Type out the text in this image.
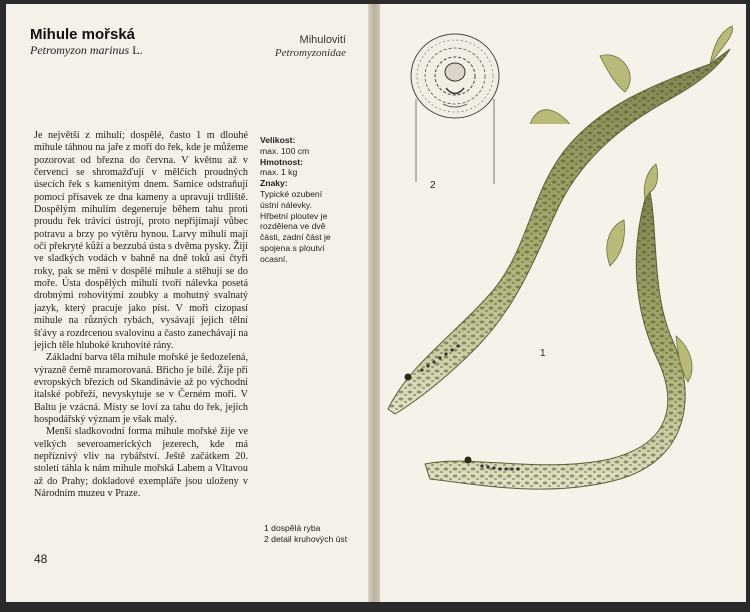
Mihule mořská
Petromyzon marinus L.
Mihulovití
Petromyzonidae

Je největší z mihulí; dospělé, často 1 m dlouhé mihule táhnou na jaře z moří do řek, kde je můžeme pozorovat od března do června. V květnu až v červenci se shromažďují v mělčích proudných úsecích řek s kamenitým dnem. Samice odstraňují pomocí přísavek ze dna kameny a upravují trdliště. Dospělým mihulím degeneruje během tahu proti proudu řek trávicí ústrojí, proto nepřijímají vůbec potravu a brzy po výtěru hynou. Larvy mihulí mají oči překryté kůží a bezzubá ústa s dvěma pysky. Žijí ve sladkých vodách v bahně na dně toků asi čtyři roky, pak se mění v dospělé mihule a stěhují se do moře. Ústa dospělých mihulí tvoří nálevka posetá drobnými rohovitými zoubky a mohutný svalnatý jazyk, který pracuje jako píst. V moři cizopasí mihule na různých rybách, vysávají jejich tělní šťávy a rozdrcenou svalovinu a často zanechávají na jejich těle hluboké kruhovité rány.

Základní barva těla mihule mořské je šedozelená, výrazně černě mramorovaná. Břicho je bílé. Žije při evropských březích od Skandinávie až po východní italské pobřeží, nevyskytuje se v Černém moři. V Baltu je vzácná. Místy se loví za tahu do řek, jejich hospodářský význam je však malý.

Menší sladkovodní forma mihule mořské žije ve velkých severoamerických jezerech, kde má nepříznivý vliv na rybářství. Ještě začátkem 20. století táhla k nám mihule mořská Labem a Vltavou až do Prahy; dokladové exempláře jsou uloženy v Národním muzeu v Praze.

Velikost:
max. 100 cm
Hmotnost:
max. 1 kg
Znaky:
Typické ozubení ústní nálevky. Hřbetní ploutev je rozdělena ve dvě části, zadní část je spojena s ploutví ocasní.
1 dospělá ryba
2 detail kruhových úst
48
2
1
